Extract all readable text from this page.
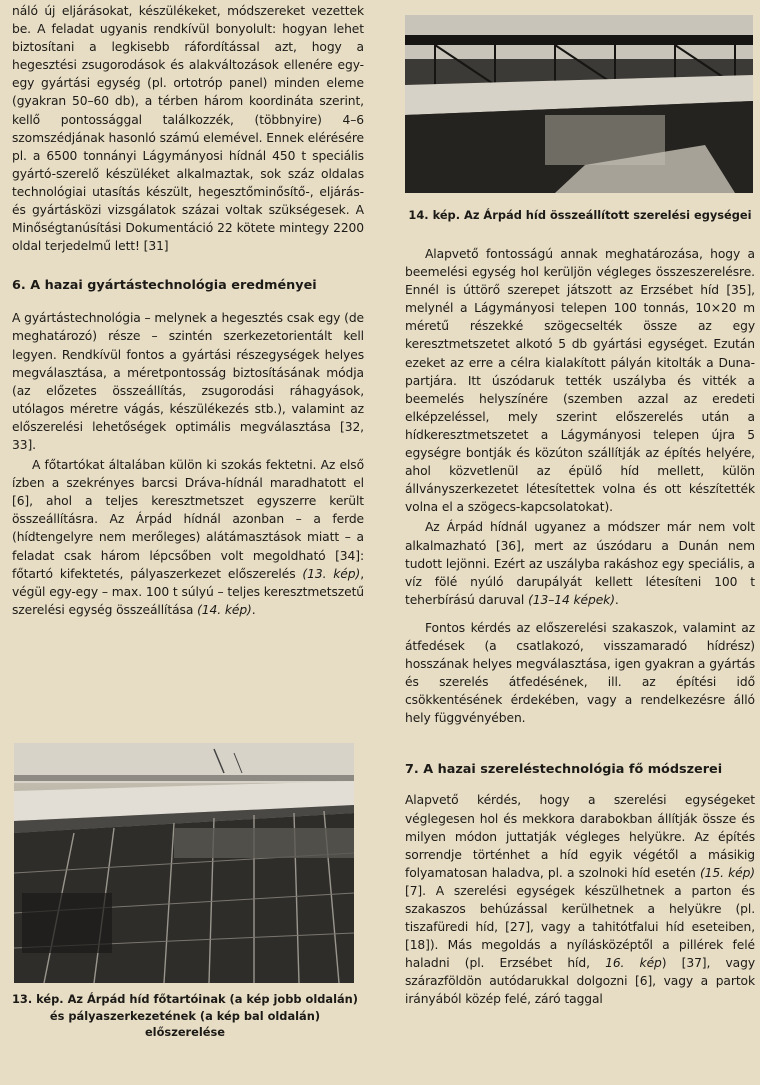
náló új eljárásokat, készülékeket, módszereket vezettek be. A feladat ugyanis rendkívül bonyolult: hogyan lehet biztosítani a legkisebb ráfordítással azt, hogy a hegesztési zsugorodások és alakváltozások ellenére egy-egy gyártási egység (pl. ortotróp panel) minden eleme (gyakran 50–60 db), a térben három koordináta szerint, kellő pontossággal találkozzék, (többnyire) 4–6 szomszédjának hasonló számú elemével. Ennek elérésére pl. a 6500 tonnányi Lágymányosi hídnál 450 t speciális gyártó-szerelő készüléket alkalmaztak, sok száz oldalas technológiai utasítás készült, hegesztőminősítő-, eljárás- és gyártásközi vizsgálatok százai voltak szükségesek. A Minőségtanúsítási Dokumentáció 22 kötete mintegy 2200 oldal terjedelmű lett! [31]

6. A hazai gyártástechnológia eredményei

A gyártástechnológia – melynek a hegesztés csak egy (de meghatározó) része – szintén szerkezetorientált kell legyen. Rendkívül fontos a gyártási részegységek helyes megválasztása, a méretpontosság biztosításának módja (az előzetes összeállítás, zsugorodási ráhagyások, utólagos méretre vágás, készülékezés stb.), valamint az előszerelési lehetőségek optimális megválasztása [32, 33].

A főtartókat általában külön ki szokás fektetni. Az első ízben a szekrényes barcsi Dráva-hídnál maradhatott el [6], ahol a teljes keresztmetszet egyszerre került összeállításra. Az Árpád hídnál azonban – a ferde (hídtengelyre nem merőleges) alátámasztások miatt – a feladat csak három lépcsőben volt megoldható [34]: főtartó kifektetés, pályaszerkezet előszerelés (13. kép), végül egy-egy – max. 100 t súlyú – teljes keresztmetszetű szerelési egység összeállítása (14. kép).

13. kép. Az Árpád híd főtartóinak (a kép jobb oldalán) és pályaszerkezetének (a kép bal oldalán) előszerelése
14. kép. Az Árpád híd összeállított szerelési egységei

Alapvető fontosságú annak meghatározása, hogy a beemelési egység hol kerüljön végleges összeszerelésre. Ennél is úttörő szerepet játszott az Erzsébet híd [35], melynél a Lágymányosi telepen 100 tonnás, 10×20 m méretű részekké szögecselték össze az egy keresztmetszetet alkotó 5 db gyártási egységet. Ezután ezeket az erre a célra kialakított pályán kitolták a Duna-partjára. Itt úszódaruk tették uszályba és vitték a beemelés helyszínére (szemben azzal az eredeti elképzeléssel, mely szerint előszerelés után a hídkeresztmetszetet a Lágymányosi telepen újra 5 egységre bontják és közúton szállítják az építés helyére, ahol közvetlenül az épülő híd mellett, külön állványszerkezetet létesítettek volna és ott készítették volna el a szögecs-kapcsolatokat).

Az Árpád hídnál ugyanez a módszer már nem volt alkalmazható [36], mert az úszódaru a Dunán nem tudott lejönni. Ezért az uszályba rakáshoz egy speciális, a víz fölé nyúló darupályát kellett létesíteni 100 t teherbírású daruval (13–14 képek).

Fontos kérdés az előszerelési szakaszok, valamint az átfedések (a csatlakozó, visszamaradó hídrész) hosszának helyes megválasztása, igen gyakran a gyártás és szerelés átfedésének, ill. az építési idő csökkentésének érdekében, vagy a rendelkezésre álló hely függvényében.

7. A hazai szereléstechnológia fő módszerei

Alapvető kérdés, hogy a szerelési egységeket véglegesen hol és mekkora darabokban állítják össze és milyen módon juttatják végleges helyükre. Az építés sorrendje történhet a híd egyik végétől a másikig folyamatosan haladva, pl. a szolnoki híd esetén (15. kép) [7]. A szerelési egységek készülhetnek a parton és szakaszos behúzással kerülhetnek a helyükre (pl. tiszafüredi híd, [27], vagy a tahitótfalui híd eseteiben, [18]). Más megoldás a nyílásközéptől a pillérek felé haladni (pl. Erzsébet híd, 16. kép) [37], vagy szárazföldön autódarukkal dolgozni [6], vagy a partok irányából közép felé, záró taggal
